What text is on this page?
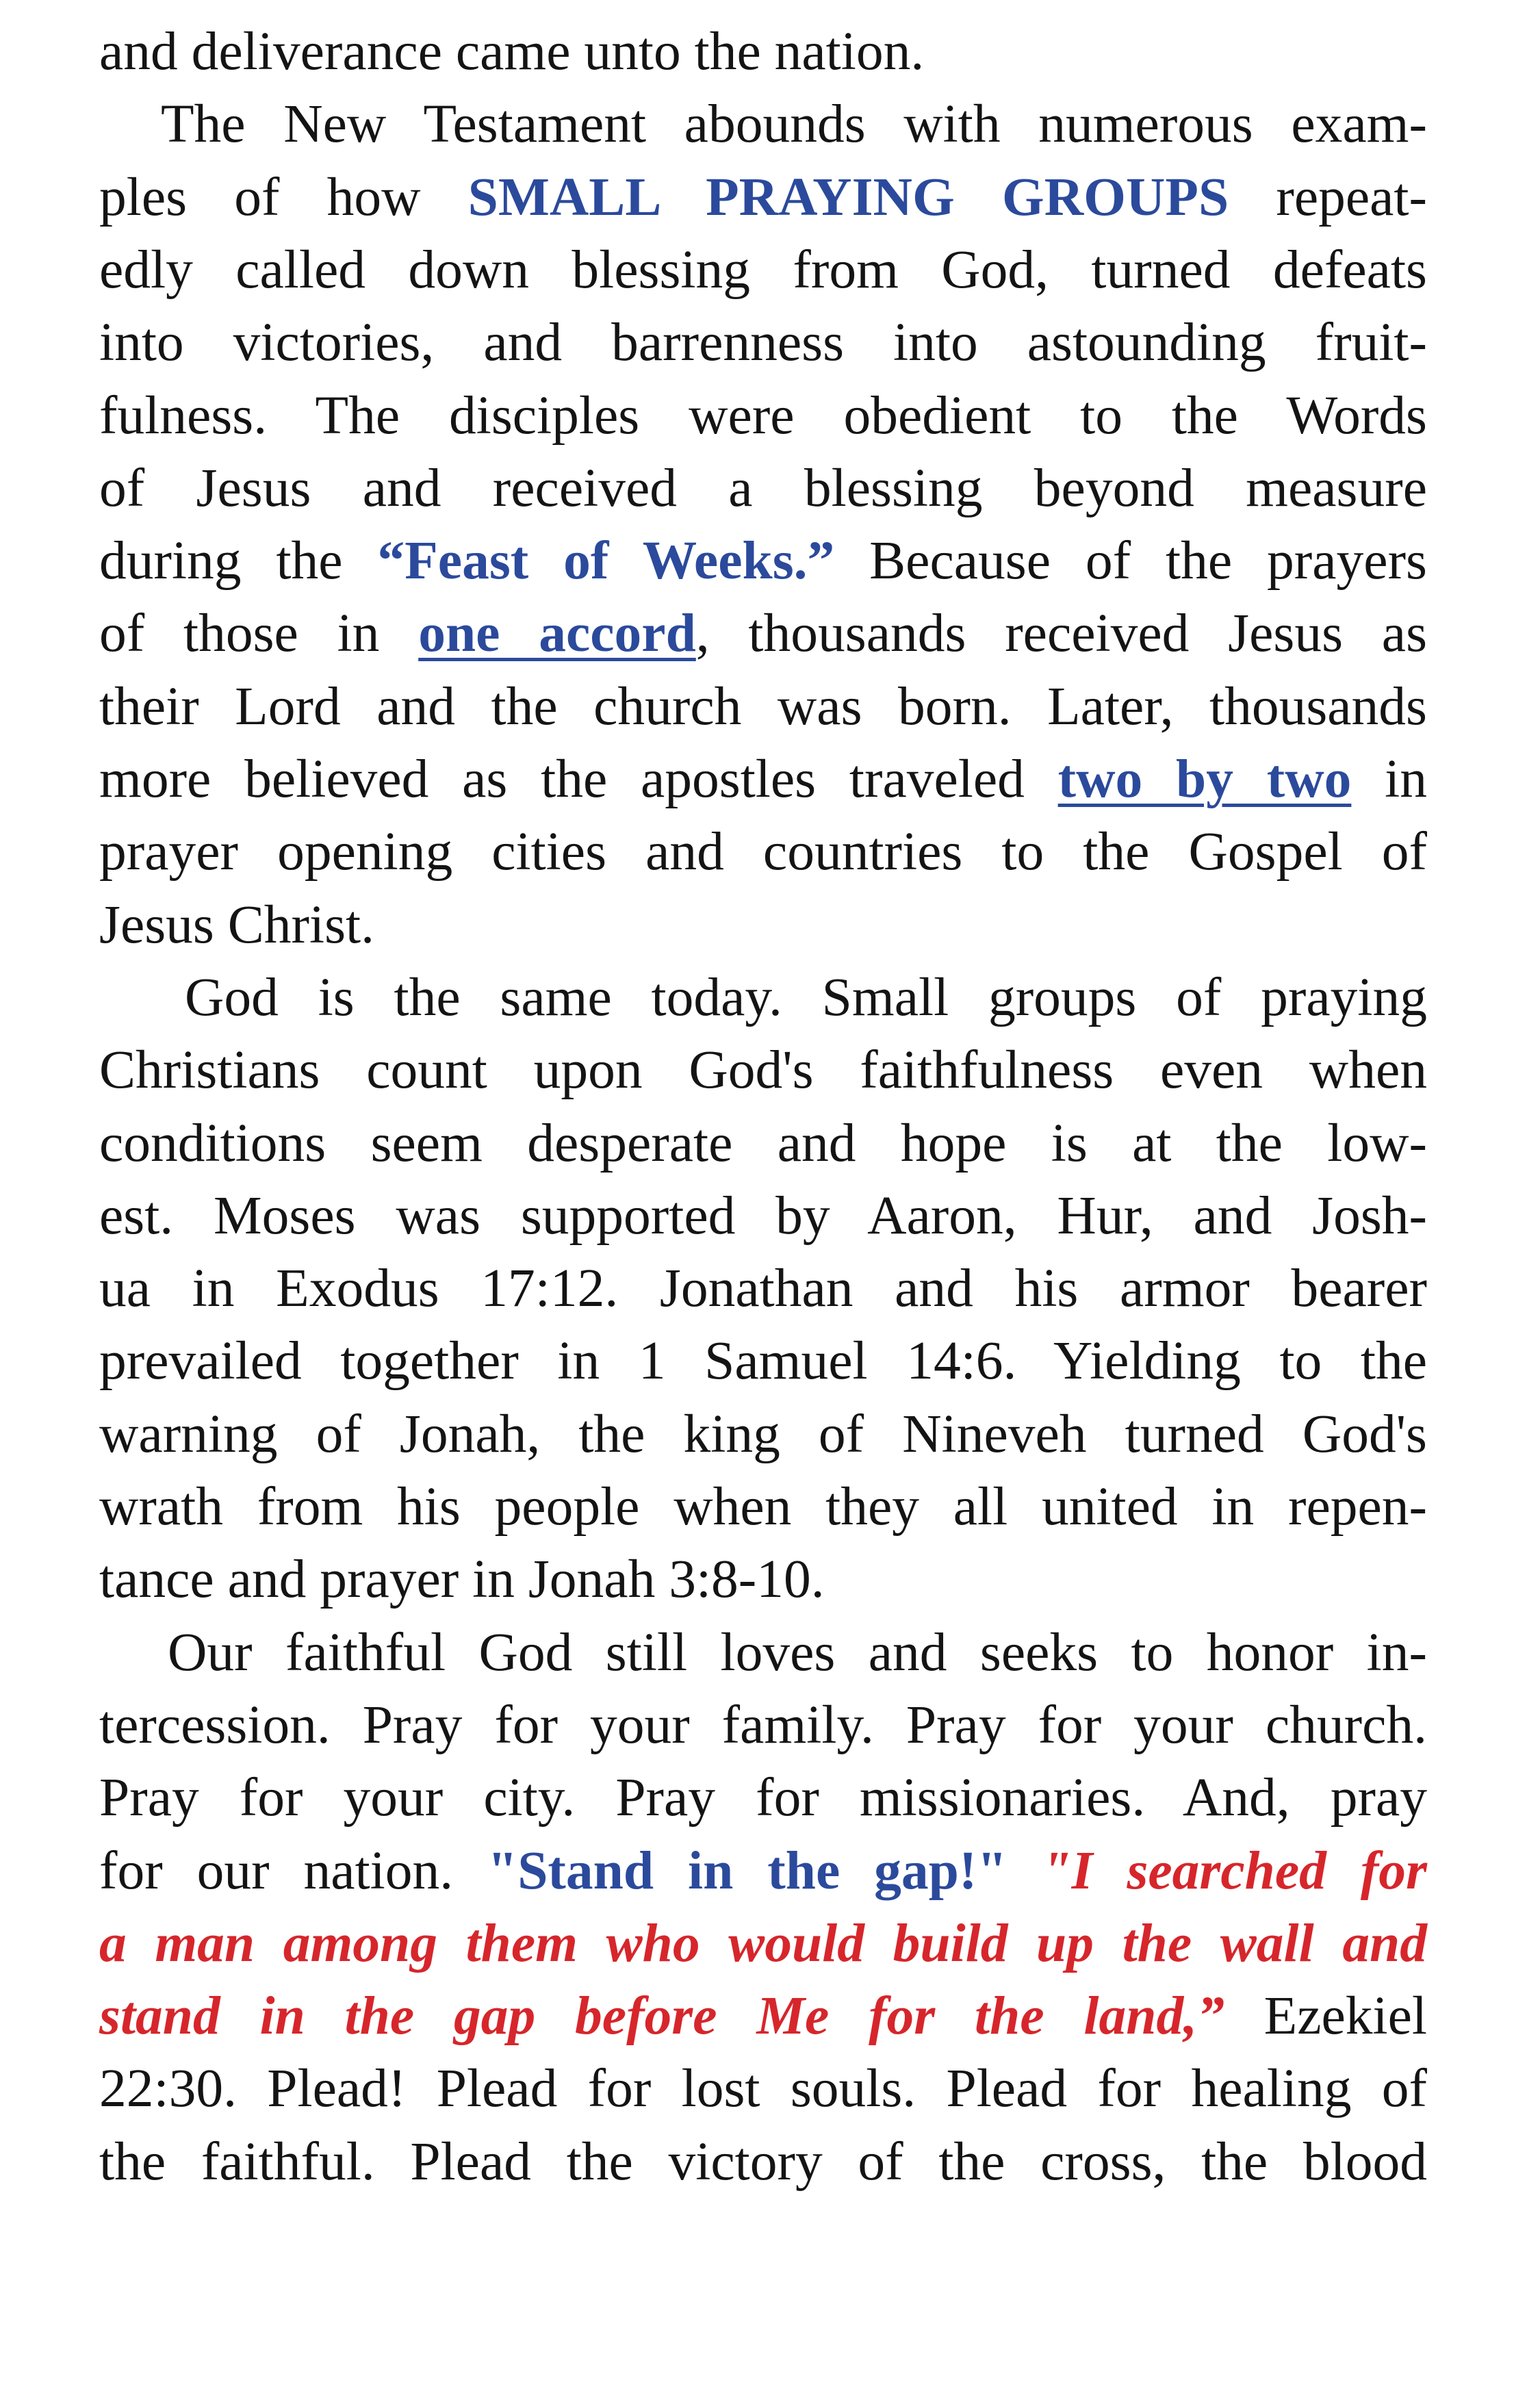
and deliverance came unto the nation.
The New Testament abounds with numerous exam-
ples of how SMALL PRAYING GROUPS repeat-
edly called down blessing from God, turned defeats
into victories, and barrenness into astounding fruit-
fulness. The disciples were obedient to the Words
of Jesus and received a blessing beyond measure
during the “Feast of Weeks.” Because of the prayers
of those in one accord, thousands received Jesus as
their Lord and the church was born. Later, thousands
more believed as the apostles traveled two by two in
prayer opening cities and countries to the Gospel of
Jesus Christ.
God is the same today. Small groups of praying
Christians count upon God's faithfulness even when
conditions seem desperate and hope is at the low-
est. Moses was supported by Aaron, Hur, and Josh-
ua in Exodus 17:12. Jonathan and his armor bearer
prevailed together in 1 Samuel 14:6. Yielding to the
warning of Jonah, the king of Nineveh turned God's
wrath from his people when they all united in repen-
tance and prayer in Jonah 3:8-10.
Our faithful God still loves and seeks to honor in-
tercession. Pray for your family. Pray for your church.
Pray for your city. Pray for missionaries. And, pray
for our nation. "Stand in the gap!" "I searched for
a man among them who would build up the wall and
stand in the gap before Me for the land,” Ezekiel
22:30. Plead! Plead for lost souls. Plead for healing of
the faithful. Plead the victory of the cross, the blood
